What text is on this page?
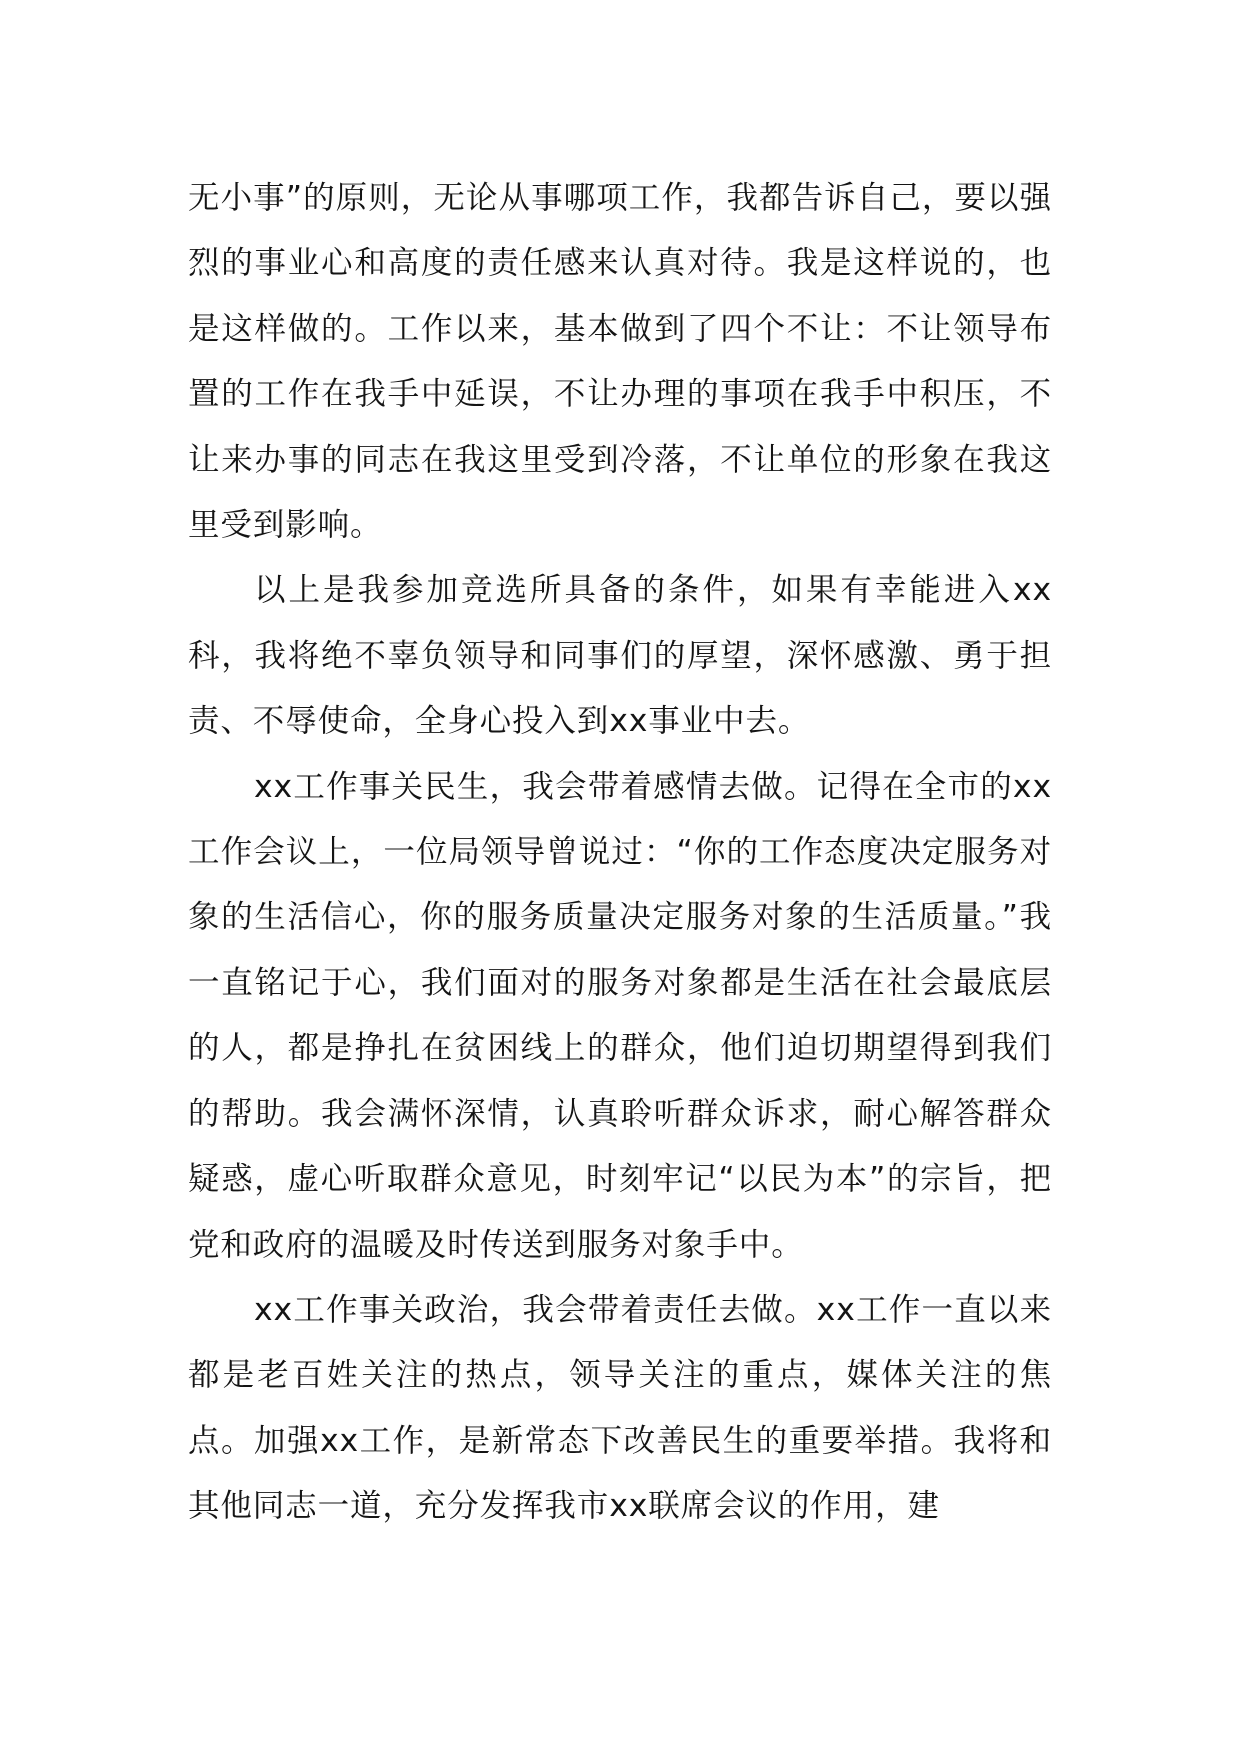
无小事”的原则，无论从事哪项工作，我都告诉自己，要以强烈的事业心和高度的责任感来认真对待。我是这样说的，也是这样做的。工作以来，基本做到了四个不让：不让领导布置的工作在我手中延误，不让办理的事项在我手中积压，不让来办事的同志在我这里受到冷落，不让单位的形象在我这里受到影响。

以上是我参加竞选所具备的条件，如果有幸能进入xx科，我将绝不辜负领导和同事们的厚望，深怀感激、勇于担责、不辱使命，全身心投入到xx事业中去。

xx工作事关民生，我会带着感情去做。记得在全市的xx工作会议上，一位局领导曾说过：“你的工作态度决定服务对象的生活信心，你的服务质量决定服务对象的生活质量。”我一直铭记于心，我们面对的服务对象都是生活在社会最底层的人，都是挣扎在贫困线上的群众，他们迫切期望得到我们的帮助。我会满怀深情，认真聆听群众诉求，耐心解答群众疑惑，虚心听取群众意见，时刻牢记“以民为本”的宗旨，把党和政府的温暖及时传送到服务对象手中。

xx工作事关政治，我会带着责任去做。xx工作一直以来都是老百姓关注的热点，领导关注的重点，媒体关注的焦点。加强xx工作，是新常态下改善民生的重要举措。我将和其他同志一道，充分发挥我市xx联席会议的作用，建
